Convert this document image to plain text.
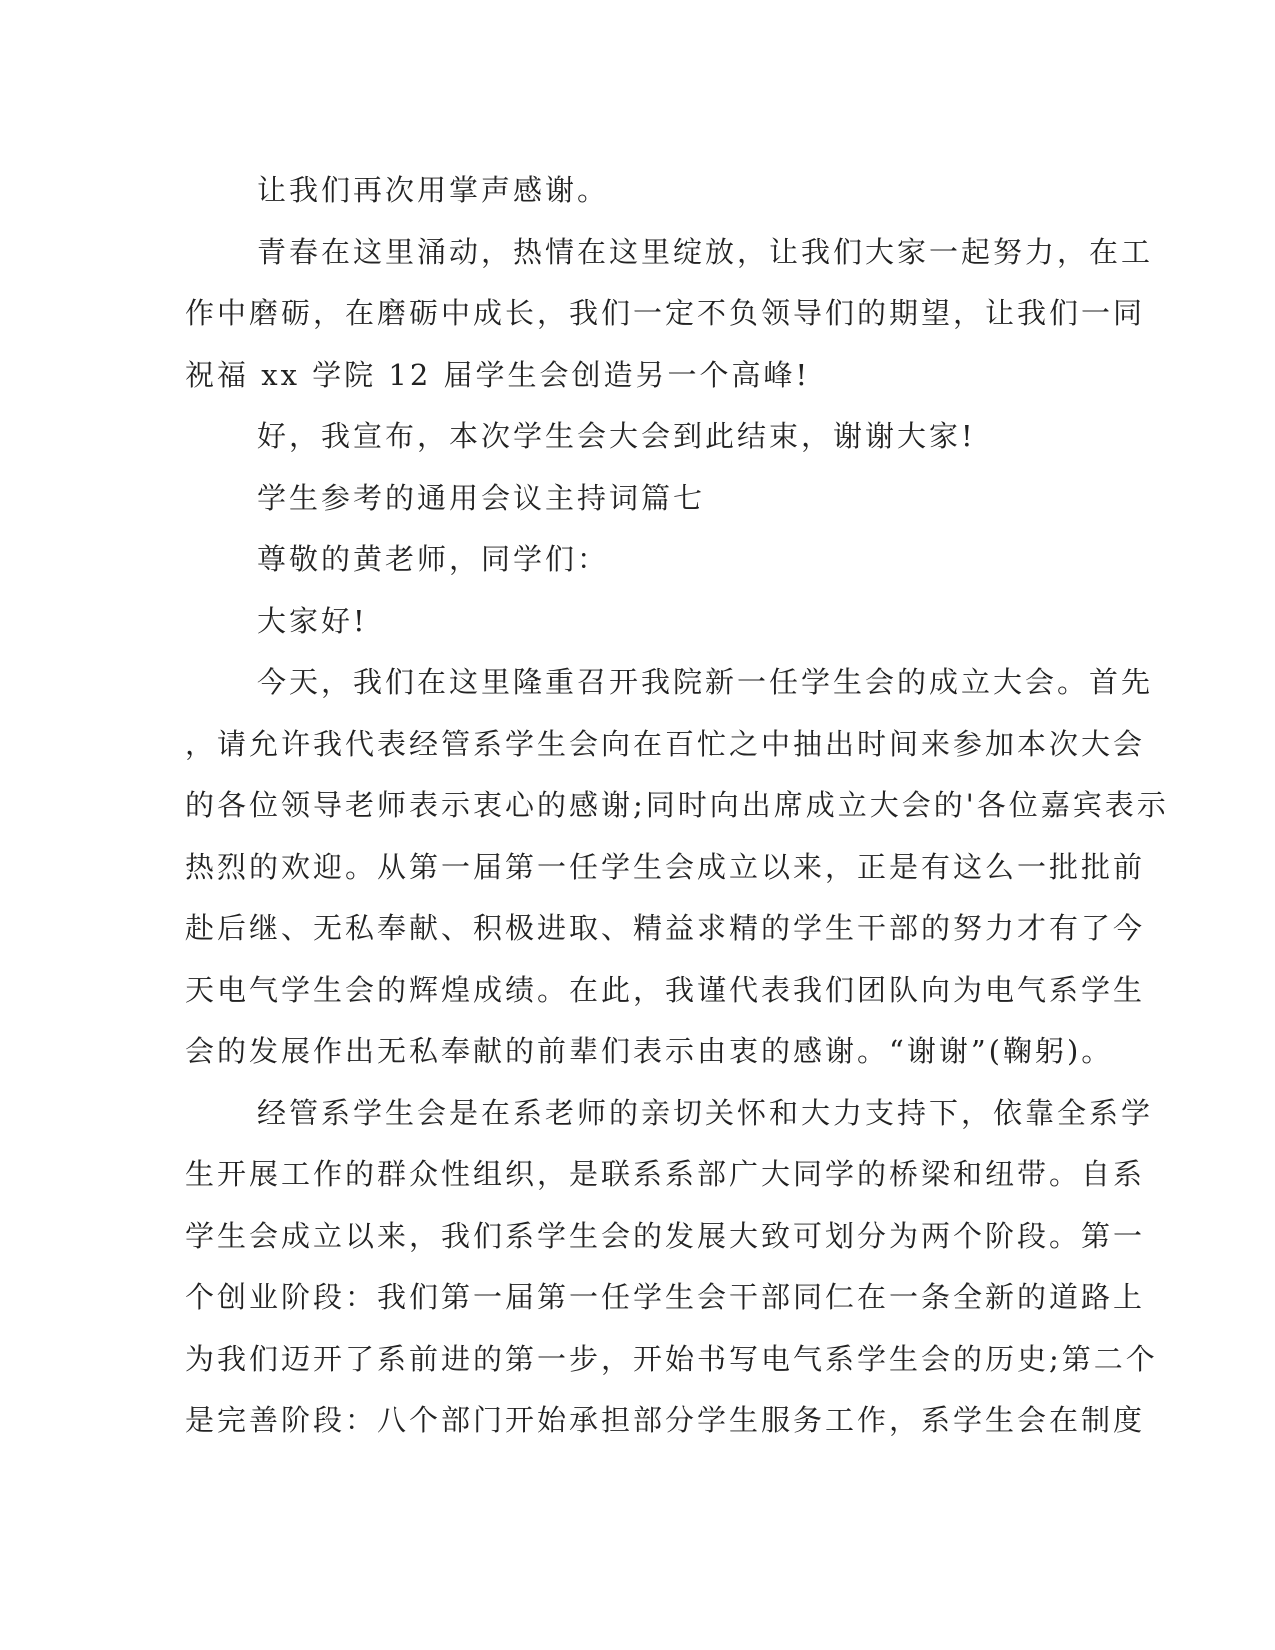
让我们再次用掌声感谢。
青春在这里涌动，热情在这里绽放，让我们大家一起努力，在工
作中磨砺，在磨砺中成长，我们一定不负领导们的期望，让我们一同
祝福 xx 学院 12 届学生会创造另一个高峰!
好，我宣布，本次学生会大会到此结束，谢谢大家!
学生参考的通用会议主持词篇七
尊敬的黄老师，同学们：
大家好!
今天，我们在这里隆重召开我院新一任学生会的成立大会。首先
，请允许我代表经管系学生会向在百忙之中抽出时间来参加本次大会
的各位领导老师表示衷心的感谢;同时向出席成立大会的'各位嘉宾表示
热烈的欢迎。从第一届第一任学生会成立以来，正是有这么一批批前
赴后继、无私奉献、积极进取、精益求精的学生干部的努力才有了今
天电气学生会的辉煌成绩。在此，我谨代表我们团队向为电气系学生
会的发展作出无私奉献的前辈们表示由衷的感谢。“谢谢”(鞠躬)。
经管系学生会是在系老师的亲切关怀和大力支持下，依靠全系学
生开展工作的群众性组织，是联系系部广大同学的桥梁和纽带。自系
学生会成立以来，我们系学生会的发展大致可划分为两个阶段。第一
个创业阶段：我们第一届第一任学生会干部同仁在一条全新的道路上
为我们迈开了系前进的第一步，开始书写电气系学生会的历史;第二个
是完善阶段：八个部门开始承担部分学生服务工作，系学生会在制度
